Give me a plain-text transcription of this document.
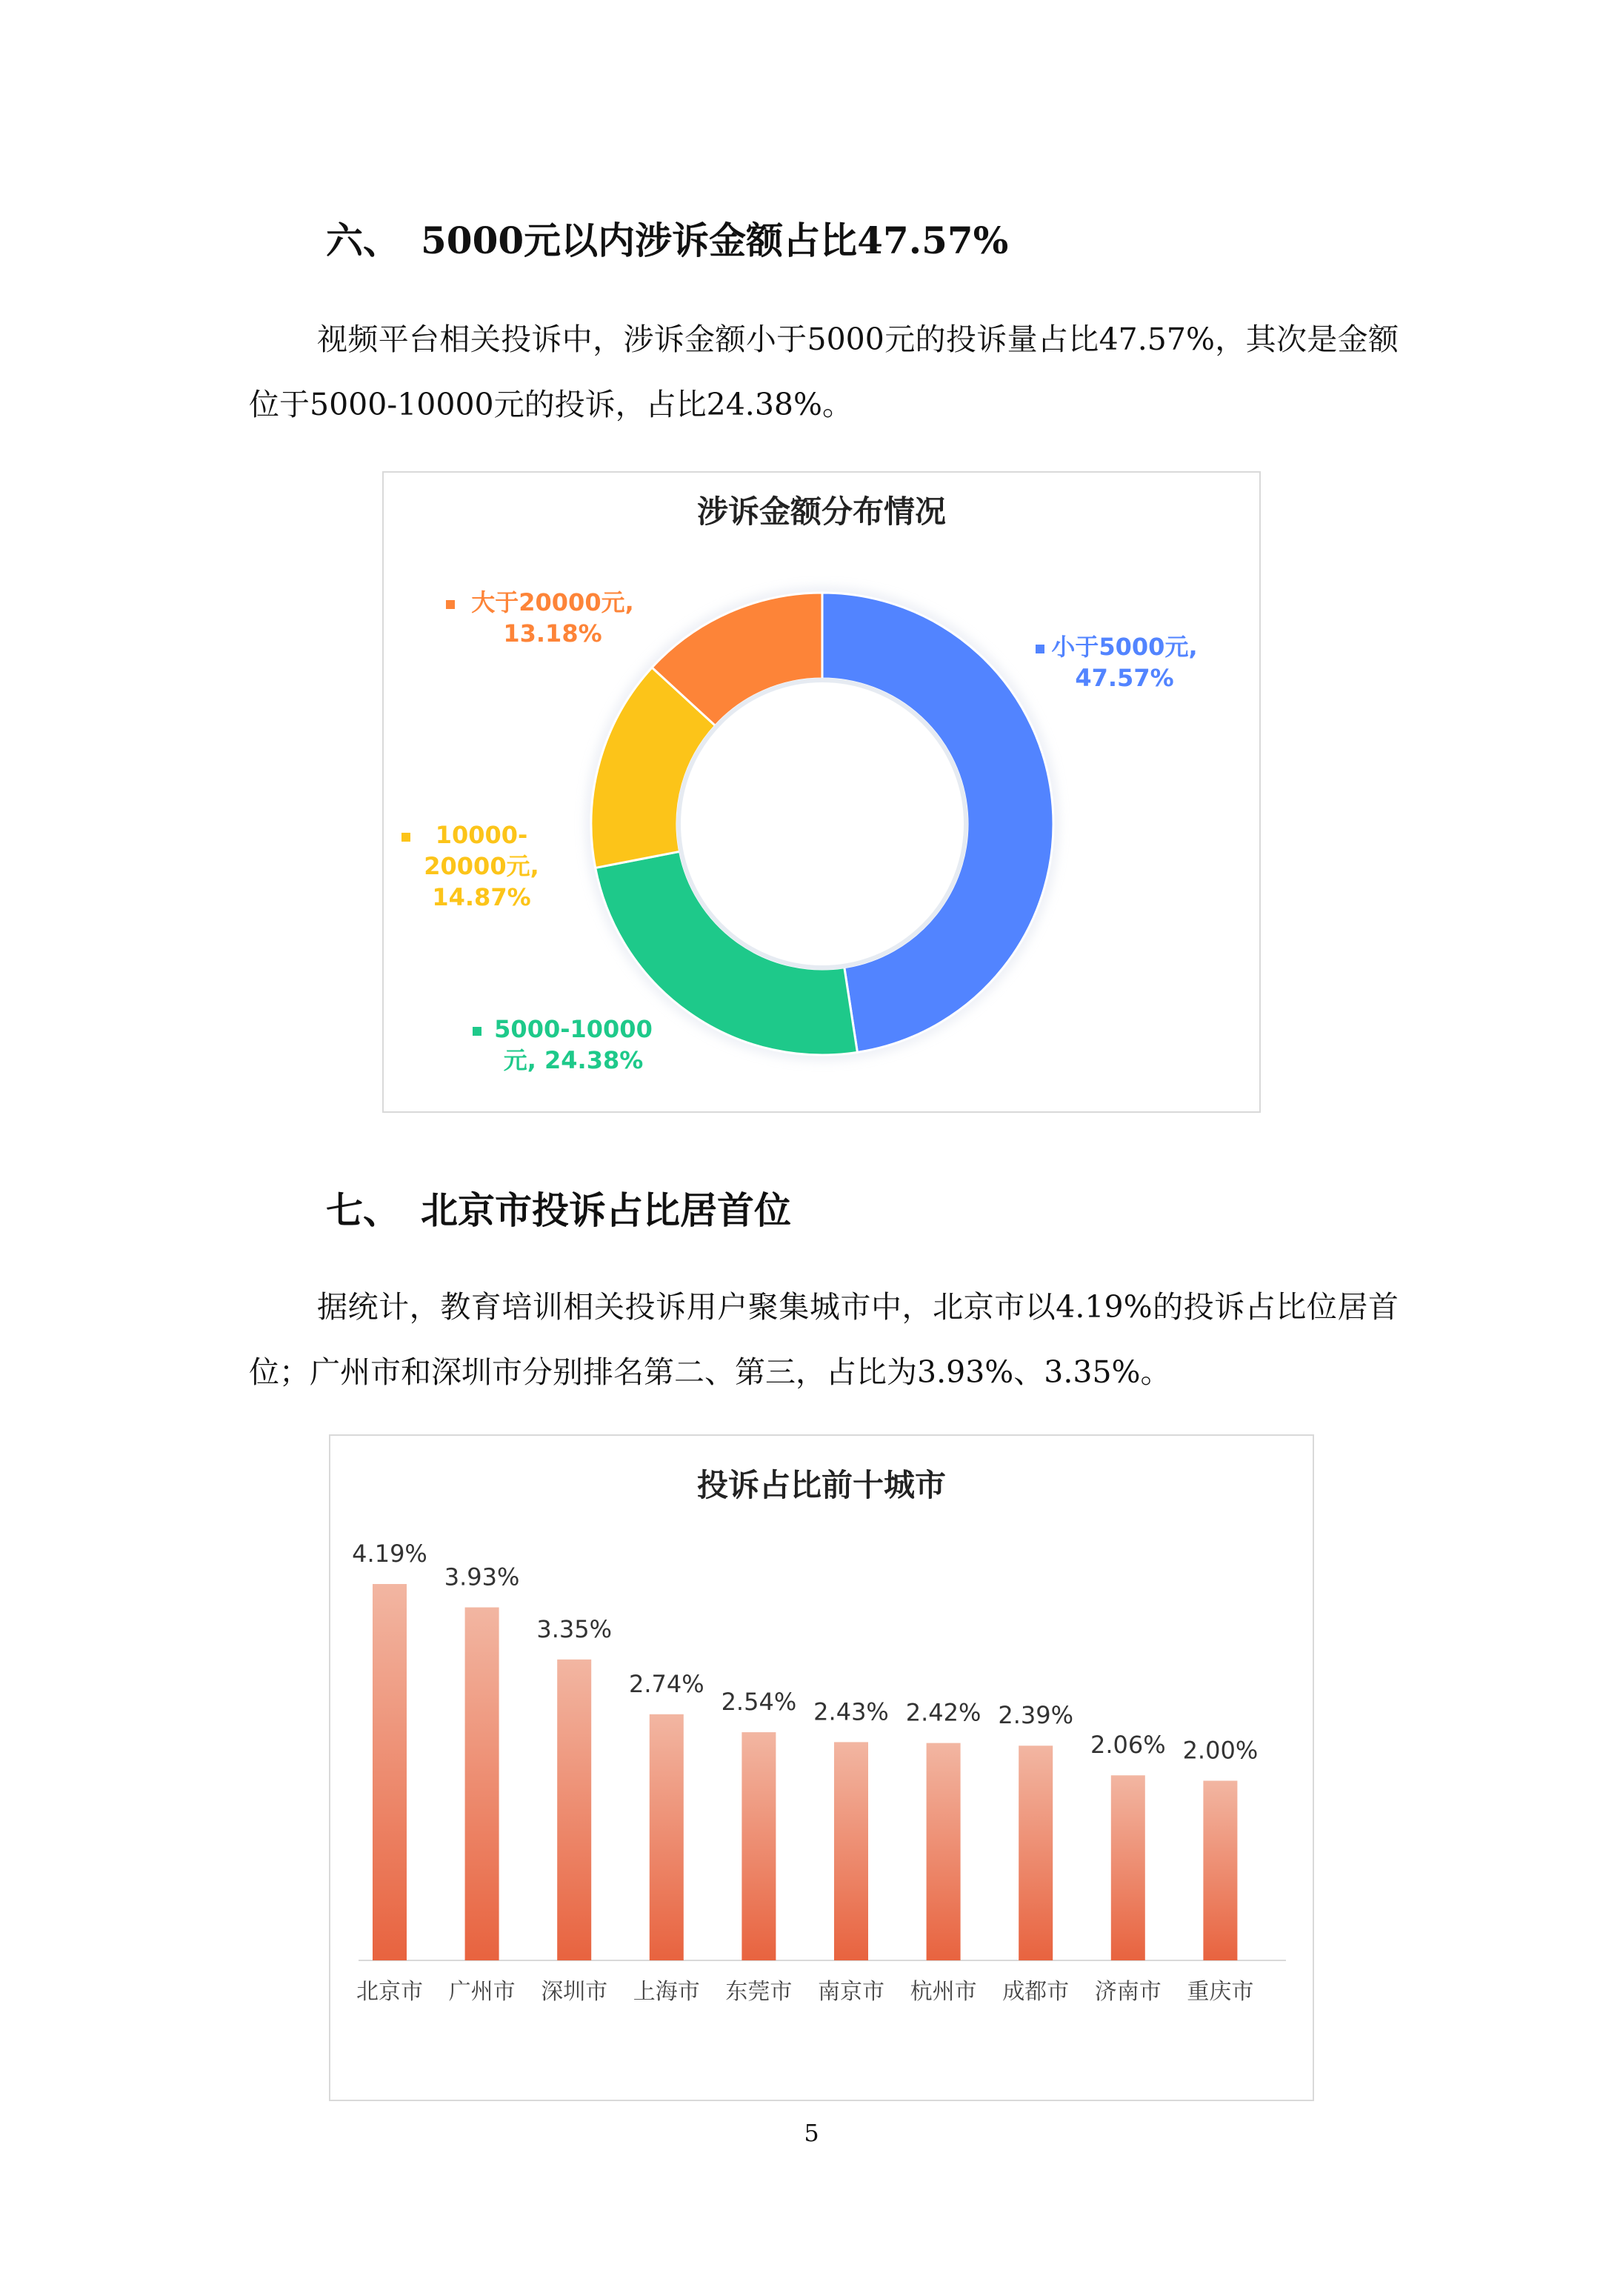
六、 5000元以内涉诉金额占比47.57%
视频平台相关投诉中，涉诉金额小于5000元的投诉量占比47.57%，其次是金额位于5000-10000元的投诉，占比24.38%。
涉诉金额分布情况
小于5000元,
47.57%
5000-10000
元, 24.38%
10000-
20000元,
14.87%
大于20000元,
13.18%
七、 北京市投诉占比居首位
据统计，教育培训相关投诉用户聚集城市中，北京市以4.19%的投诉占比位居首位；广州市和深圳市分别排名第二、第三，占比为3.93%、3.35%。
投诉占比前十城市
4.19%
北京市
3.93%
广州市
3.35%
深圳市
2.74%
上海市
2.54%
东莞市
2.43%
南京市
2.42%
杭州市
2.39%
成都市
2.06%
济南市
2.00%
重庆市
5
